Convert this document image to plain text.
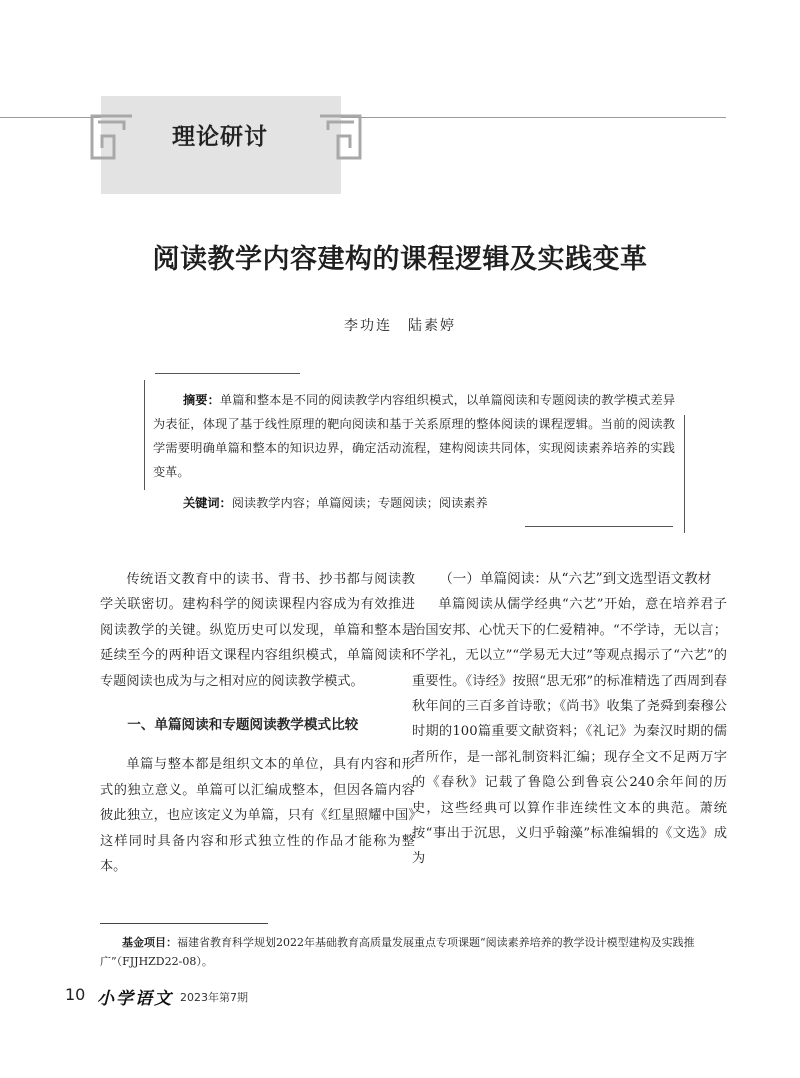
理论研讨
阅读教学内容建构的课程逻辑及实践变革
李功连　陆素婷
摘要：单篇和整本是不同的阅读教学内容组织模式，以单篇阅读和专题阅读的教学模式差异为表征，体现了基于线性原理的靶向阅读和基于关系原理的整体阅读的课程逻辑。当前的阅读教学需要明确单篇和整本的知识边界，确定活动流程，建构阅读共同体，实现阅读素养培养的实践变革。
关键词：阅读教学内容；单篇阅读；专题阅读；阅读素养

传统语文教育中的读书、背书、抄书都与阅读教学关联密切。建构科学的阅读课程内容成为有效推进阅读教学的关键。纵览历史可以发现，单篇和整本是延续至今的两种语文课程内容组织模式，单篇阅读和专题阅读也成为与之相对应的阅读教学模式。

一、单篇阅读和专题阅读教学模式比较

单篇与整本都是组织文本的单位，具有内容和形式的独立意义。单篇可以汇编成整本，但因各篇内容彼此独立，也应该定义为单篇，只有《红星照耀中国》这样同时具备内容和形式独立性的作品才能称为整本。

（一）单篇阅读：从“六艺”到文选型语文教材

单篇阅读从儒学经典“六艺”开始，意在培养君子治国安邦、心忧天下的仁爱精神。“不学诗，无以言；不学礼，无以立”“学易无大过”等观点揭示了“六艺”的重要性。《诗经》按照“思无邪”的标准精选了西周到春秋年间的三百多首诗歌；《尚书》收集了尧舜到秦穆公时期的100篇重要文献资料；《礼记》为秦汉时期的儒者所作，是一部礼制资料汇编；现存全文不足两万字的《春秋》记载了鲁隐公到鲁哀公240余年间的历史，这些经典可以算作非连续性文本的典范。萧统按“事出于沉思，义归乎翰藻”标准编辑的《文选》成为

基金项目：福建省教育科学规划2022年基础教育高质量发展重点专项课题“阅读素养培养的教学设计模型建构及实践推广”（FJJHZD22-08）。
10 小学语文 2023年第7期
